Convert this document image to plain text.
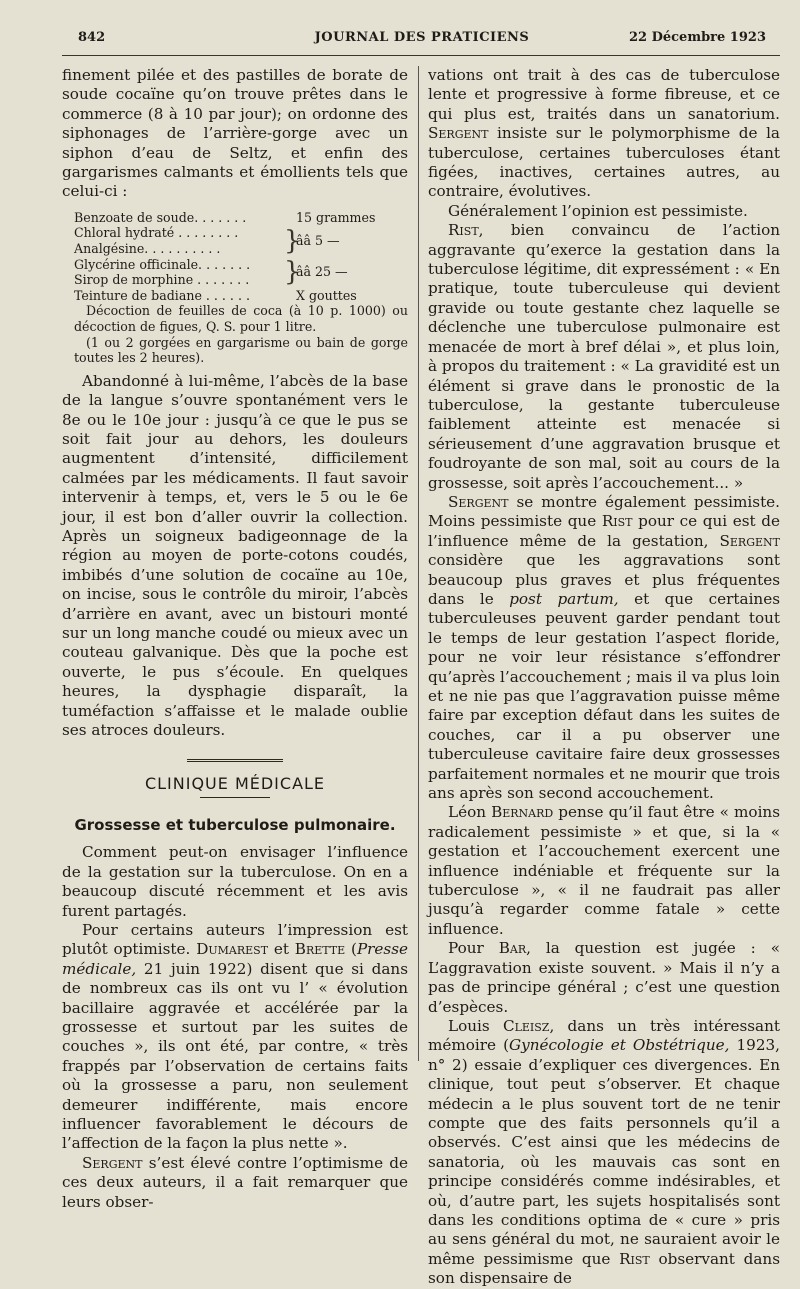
842	JOURNAL DES PRATICIENS	22 Décembre 1923

finement pilée et des pastilles de borate de soude cocaïne qu’on trouve prêtes dans le commerce (8 à 10 par jour); on ordonne des siphonages de l’arrière-gorge avec un siphon d’eau de Seltz, et enfin des gargarismes calmants et émollients tels que celui-ci :

Benzoate de soude. . . . . . .	15 grammes
Chloral hydraté . . . . . . . .
Analgésine. . . . . . . . . .	}
ââ 5 —
Glycérine officinale. . . . . . .
Sirop de morphine . . . . . . .	}
ââ 25 —
Teinture de badiane . . . . . .	X gouttes

Décoction de feuilles de coca (à 10 p. 1000) ou décoction de figues, Q. S. pour 1 litre.

(1 ou 2 gorgées en gargarisme ou bain de gorge toutes les 2 heures).

Abandonné à lui-même, l’abcès de la base de la langue s’ouvre spontanément vers le 8e ou le 10e jour : jusqu’à ce que le pus se soit fait jour au dehors, les douleurs augmentent d’intensité, difficilement calmées par les médicaments. Il faut savoir intervenir à temps, et, vers le 5 ou le 6e jour, il est bon d’aller ouvrir la collection. Après un soigneux badigeonnage de la région au moyen de porte-cotons coudés, imbibés d’une solution de cocaïne au 10e, on incise, sous le contrôle du miroir, l’abcès d’arrière en avant, avec un bistouri monté sur un long manche coudé ou mieux avec un couteau galvanique. Dès que la poche est ouverte, le pus s’écoule. En quelques heures, la dysphagie disparaît, la tuméfaction s’affaisse et le malade oublie ses atroces douleurs.

CLINIQUE MÉDICALE
Grossesse et tuberculose pulmonaire.

Comment peut-on envisager l’influence de la gestation sur la tuberculose. On en a beaucoup discuté récemment et les avis furent partagés.

Pour certains auteurs l’impression est plutôt optimiste. Dumarest et Brette (Presse médicale, 21 juin 1922) disent que si dans de nombreux cas ils ont vu l’ « évolution bacillaire aggravée et accélérée par la grossesse et surtout par les suites de couches », ils ont été, par contre, « très frappés par l’observation de certains faits où la grossesse a paru, non seulement demeurer indifférente, mais encore influencer favorablement le décours de l’affection de la façon la plus nette ».

Sergent s’est élevé contre l’optimisme de ces deux auteurs, il a fait remarquer que leurs obser-

vations ont trait à des cas de tuberculose lente et progressive à forme fibreuse, et ce qui plus est, traités dans un sanatorium. Sergent insiste sur le polymorphisme de la tuberculose, certaines tuberculoses étant figées, inactives, certaines autres, au contraire, évolutives.

Généralement l’opinion est pessimiste.

Rist, bien convaincu de l’action aggravante qu’exerce la gestation dans la tuberculose légitime, dit expressément : « En pratique, toute tuberculeuse qui devient gravide ou toute gestante chez laquelle se déclenche une tuberculose pulmonaire est menacée de mort à bref délai », et plus loin, à propos du traitement : « La gravidité est un élément si grave dans le pronostic de la tuberculose, la gestante tuberculeuse faiblement atteinte est menacée si sérieusement d’une aggravation brusque et foudroyante de son mal, soit au cours de la grossesse, soit après l’accouchement... »

Sergent se montre également pessimiste. Moins pessimiste que Rist pour ce qui est de l’influence même de la gestation, Sergent considère que les aggravations sont beaucoup plus graves et plus fréquentes dans le post partum, et que certaines tuberculeuses peuvent garder pendant tout le temps de leur gestation l’aspect floride, pour ne voir leur résistance s’effondrer qu’après l’accouchement ; mais il va plus loin et ne nie pas que l’aggravation puisse même faire par exception défaut dans les suites de couches, car il a pu observer une tuberculeuse cavitaire faire deux grossesses parfaitement normales et ne mourir que trois ans après son second accouchement.

Léon Bernard pense qu’il faut être « moins radicalement pessimiste » et que, si la « gestation et l’accouchement exercent une influence indéniable et fréquente sur la tuberculose », « il ne faudrait pas aller jusqu’à regarder comme fatale » cette influence.

Pour Bar, la question est jugée : « L’aggravation existe souvent. » Mais il n’y a pas de principe général ; c’est une question d’espèces.

Louis Cleisz, dans un très intéressant mémoire (Gynécologie et Obstétrique, 1923, n° 2) essaie d’expliquer ces divergences. En clinique, tout peut s’observer. Et chaque médecin a le plus souvent tort de ne tenir compte que des faits personnels qu’il a observés. C’est ainsi que les médecins de sanatoria, où les mauvais cas sont en principe considérés comme indésirables, et où, d’autre part, les sujets hospitalisés sont dans les conditions optima de « cure » pris au sens général du mot, ne sauraient avoir le même pessimisme que Rist observant dans son dispensaire de
